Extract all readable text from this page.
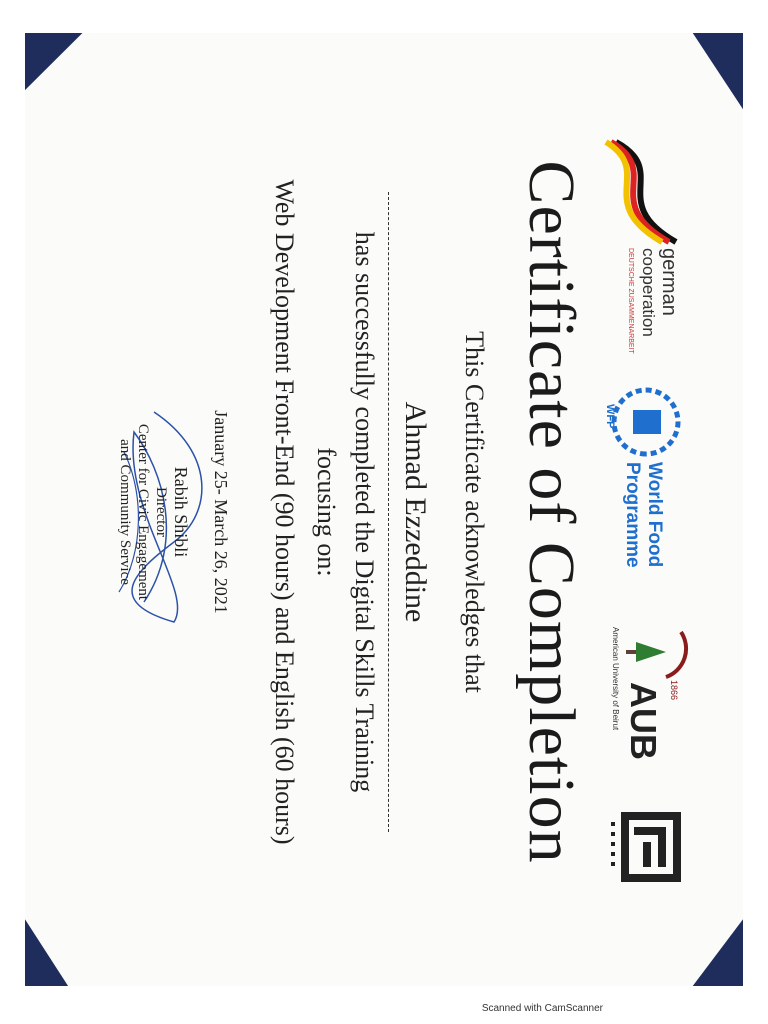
german
cooperation
DEUTSCHE ZUSAMMENARBEIT
WFP
World Food
Programme
1866
AUB
American University of Beirut
Certificate of Completion
This Certificate acknowledges that
Ahmad Ezzeddine
has successfully completed the Digital Skills Training
focusing on:
Web Development Front-End (90 hours) and English (60 hours)
January 25- March 26, 2021
Rabih Shibli
Director
Center for Civic Engagement
and Community Service
Scanned with CamScanner
